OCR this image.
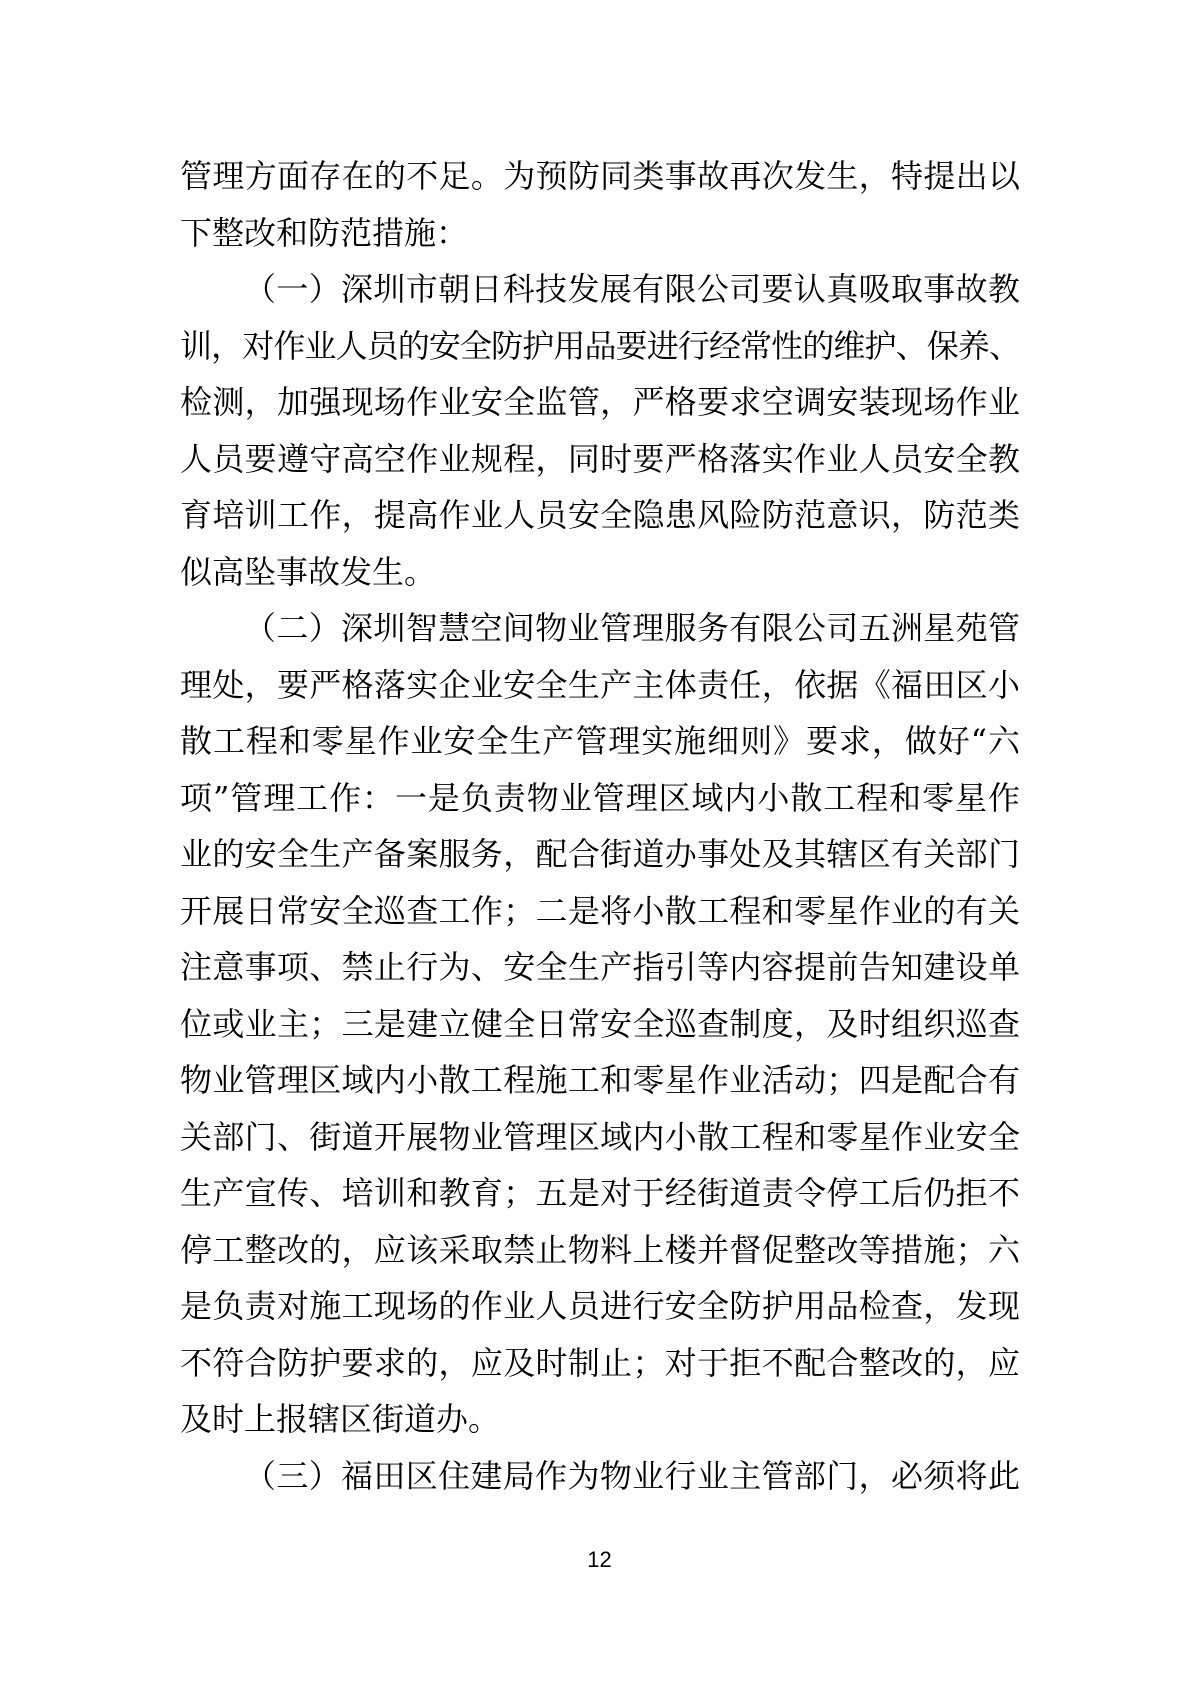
管理方面存在的不足。为预防同类事故再次发生，特提出以
下整改和防范措施：
（一）深圳市朝日科技发展有限公司要认真吸取事故教
训，对作业人员的安全防护用品要进行经常性的维护、保养、
检测，加强现场作业安全监管，严格要求空调安装现场作业
人员要遵守高空作业规程，同时要严格落实作业人员安全教
育培训工作，提高作业人员安全隐患风险防范意识，防范类
似高坠事故发生。
（二）深圳智慧空间物业管理服务有限公司五洲星苑管
理处，要严格落实企业安全生产主体责任，依据《福田区小
散工程和零星作业安全生产管理实施细则》要求，做好“六
项”管理工作：一是负责物业管理区域内小散工程和零星作
业的安全生产备案服务，配合街道办事处及其辖区有关部门
开展日常安全巡查工作；二是将小散工程和零星作业的有关
注意事项、禁止行为、安全生产指引等内容提前告知建设单
位或业主；三是建立健全日常安全巡查制度，及时组织巡查
物业管理区域内小散工程施工和零星作业活动；四是配合有
关部门、街道开展物业管理区域内小散工程和零星作业安全
生产宣传、培训和教育；五是对于经街道责令停工后仍拒不
停工整改的，应该采取禁止物料上楼并督促整改等措施；六
是负责对施工现场的作业人员进行安全防护用品检查，发现
不符合防护要求的，应及时制止；对于拒不配合整改的，应
及时上报辖区街道办。
（三）福田区住建局作为物业行业主管部门，必须将此
12
